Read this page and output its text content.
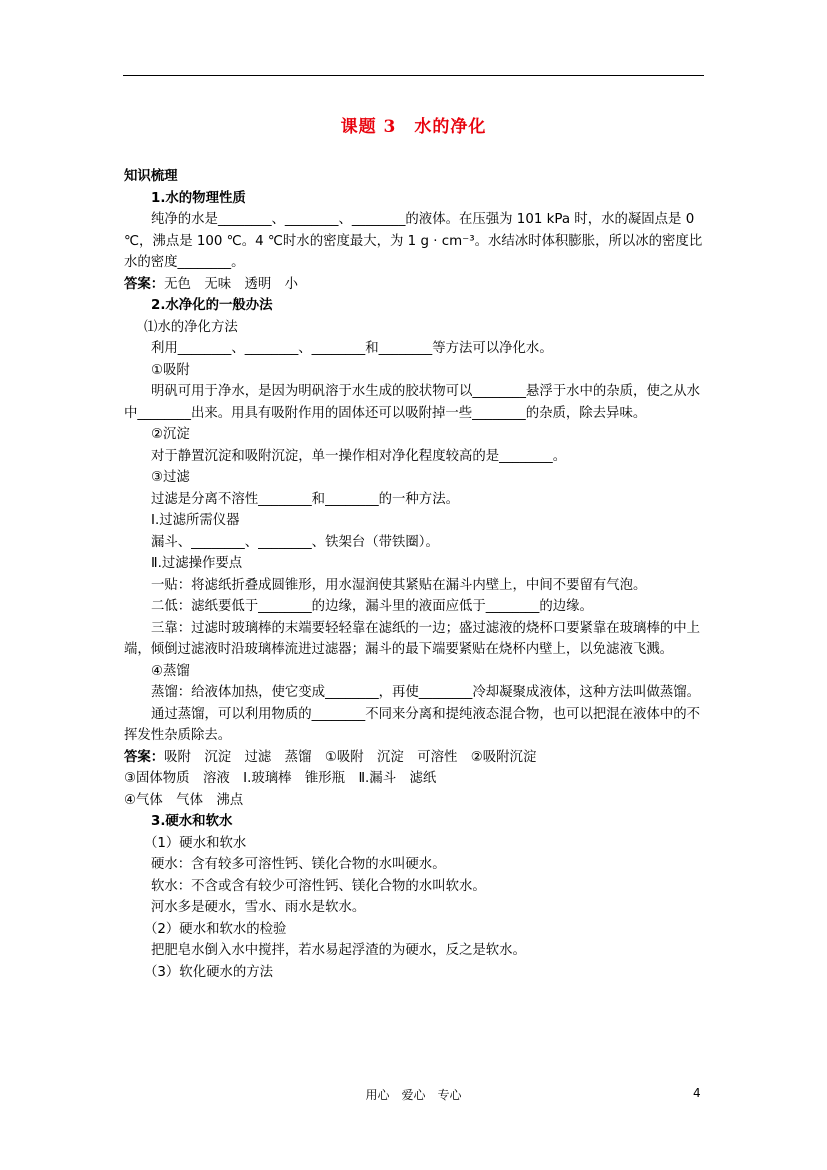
课题 3　水的净化

知识梳理

1.水的物理性质

纯净的水是________、________、________的液体。在压强为 101 kPa 时，水的凝固点是 0 ℃，沸点是 100 ℃。4 ℃时水的密度最大，为 1 g · cm⁻³。水结冰时体积膨胀，所以冰的密度比水的密度________。

答案：无色　无味　透明　小

2.水净化的一般办法

⑴水的净化方法

利用________、________、________和________等方法可以净化水。

①吸附

明矾可用于净水，是因为明矾溶于水生成的胶状物可以________悬浮于水中的杂质，使之从水中________出来。用具有吸附作用的固体还可以吸附掉一些________的杂质，除去异味。

②沉淀

对于静置沉淀和吸附沉淀，单一操作相对净化程度较高的是________。

③过滤

过滤是分离不溶性________和________的一种方法。

Ⅰ.过滤所需仪器

漏斗、________、________、铁架台（带铁圈）。

Ⅱ.过滤操作要点

一贴：将滤纸折叠成圆锥形，用水湿润使其紧贴在漏斗内壁上，中间不要留有气泡。

二低：滤纸要低于________的边缘，漏斗里的液面应低于________的边缘。

三靠：过滤时玻璃棒的末端要轻轻靠在滤纸的一边；盛过滤液的烧杯口要紧靠在玻璃棒的中上端，倾倒过滤液时沿玻璃棒流进过滤器；漏斗的最下端要紧贴在烧杯内壁上，以免滤液飞溅。

④蒸馏

蒸馏：给液体加热，使它变成________，再使________冷却凝聚成液体，这种方法叫做蒸馏。

通过蒸馏，可以利用物质的________不同来分离和提纯液态混合物，也可以把混在液体中的不挥发性杂质除去。

答案：吸附　沉淀　过滤　蒸馏　①吸附　沉淀　可溶性　②吸附沉淀

③固体物质　溶液　Ⅰ.玻璃棒　锥形瓶　Ⅱ.漏斗　滤纸

④气体　气体　沸点

3.硬水和软水

（1）硬水和软水

硬水：含有较多可溶性钙、镁化合物的水叫硬水。

软水：不含或含有较少可溶性钙、镁化合物的水叫软水。

河水多是硬水，雪水、雨水是软水。

（2）硬水和软水的检验

把肥皂水倒入水中搅拌，若水易起浮渣的为硬水，反之是软水。

（3）软化硬水的方法

用心　爱心　专心	4
